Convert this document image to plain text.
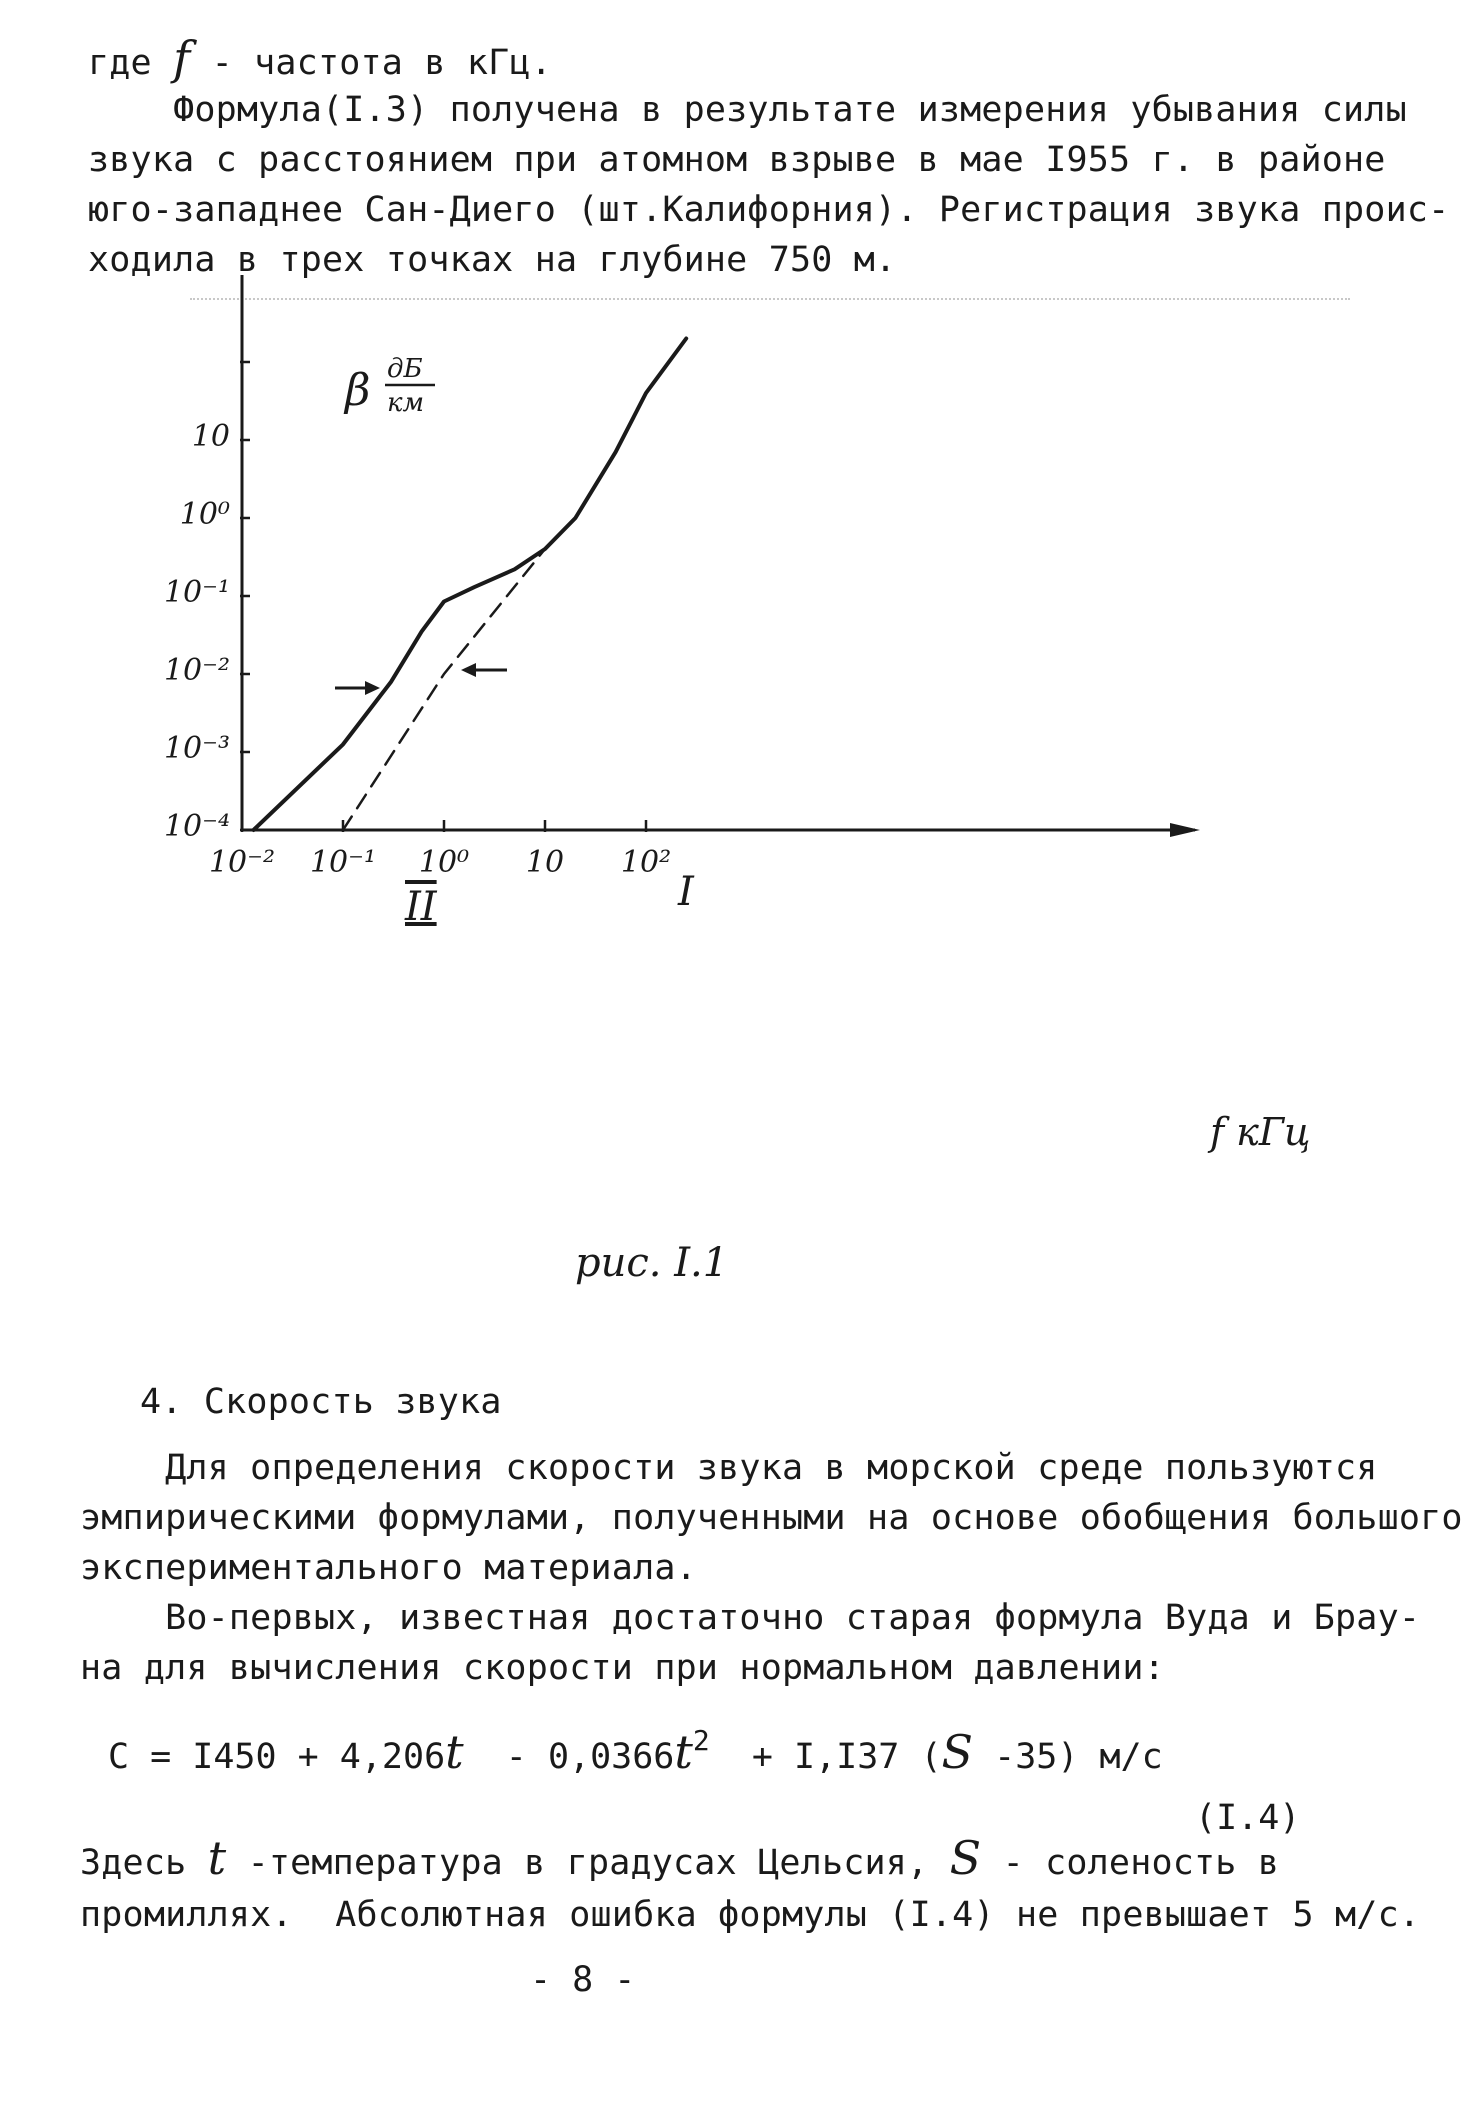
где f - частота в кГц.
Формула(I.3) получена в результате измерения убывания силы
звука с расстоянием при атомном взрыве в мае I955 г. в районе
юго-западнее Сан-Диего (шт.Калифорния). Регистрация звука проис-
ходила в трех точках на глубине 750 м.
10⁻⁴
10⁻³
10⁻²
10⁻¹
10⁰
10
10⁻² 10⁻¹ 10⁰ 10 10²
β дБ
км
f кГц
II	I
рис. I.1
4. Скорость звука
Для определения скорости звука в морской среде пользуются
эмпирическими формулами, полученными на основе обобщения большого
экспериментального материала.
Во-первых, известная достаточно старая формула Вуда и Брау-
на для вычисления скорости при нормальном давлении:
$С = I450 + 4,206t - 0,0366t^2 + I,I37$ (S -35) м/с
(I.4)
Здесь t -температура в градусах Цельсия, S - соленость в
промиллях.  Абсолютная ошибка формулы (I.4) не превышает 5 м/с.
- 8 -
